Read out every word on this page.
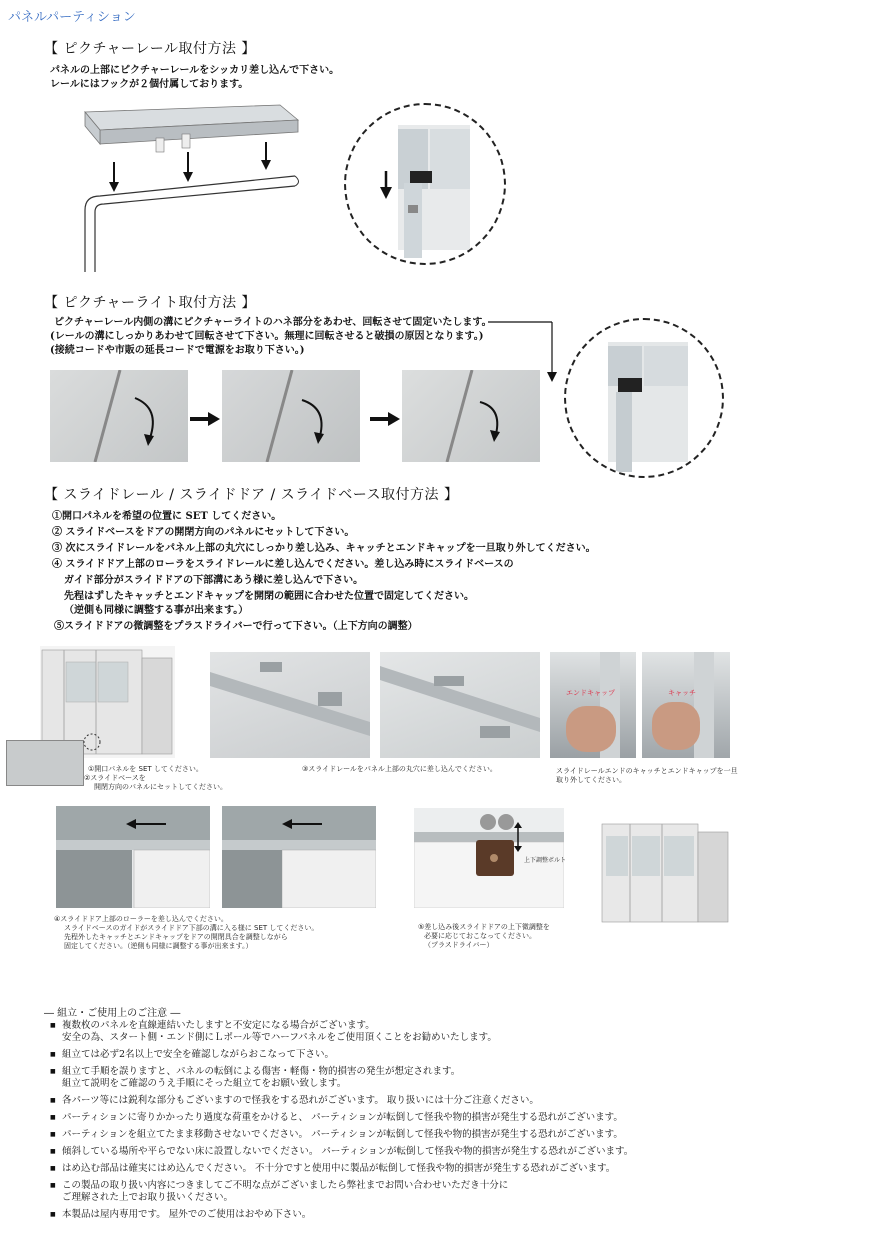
パネルパーティション
【 ピクチャーレール取付方法 】
パネルの上部にピクチャーレールをシッカリ差し込んで下さい。
レールにはフックが２個付属しております。
【 ピクチャーライト取付方法 】
ピクチャーレール内側の溝にピクチャーライトのハネ部分をあわせ、回転させて固定いたします。
(レールの溝にしっかりあわせて回転させて下さい。無理に回転させると破損の原因となります。)
(接続コードや市販の延長コードで電源をお取り下さい。)
【 スライドレール / スライドドア / スライドベース取付方法 】
①開口パネルを希望の位置に SET してください。
② スライドベースをドアの開閉方向のパネルにセットして下さい。
③ 次にスライドレールをパネル上部の丸穴にしっかり差し込み、キャッチとエンドキャップを一旦取り外してください。
④ スライドドア上部のローラをスライドレールに差し込んでください。差し込み時にスライドベースの
ガイド部分がスライドドアの下部溝にあう様に差し込んで下さい。
先程はずしたキャッチとエンドキャップを開閉の範囲に合わせた位置で固定してください。
（逆側も同様に調整する事が出来ます。）
⑤スライドドアの微調整をプラスドライバーで行って下さい。（上下方向の調整）
①開口パネルを SET してください。
②スライドベースを
開閉方向のパネルにセットしてください。
③スライドレールをパネル上部の丸穴に差し込んでください。
エンドキャップ	キャッチ
スライドレールエンドのキャッチとエンドキャップを一旦
取り外してください。
④スライドドア上部のローラーを差し込んでください。
スライドベースのガイドがスライドドア下部の溝に入る様に SET してください。
先程外したキャッチとエンドキャップをドアの開閉具合を調整しながら
固定してください。（逆側も同様に調整する事が出来ます。）
上下調整ボルト
⑤差し込み後スライドドアの上下微調整を
必要に応じておこなってください。
（プラスドライバー）
― 組立・ご使用上のご注意 ―
■ 複数枚のパネルを直線連結いたしますと不安定になる場合がございます。
安全の為、スタート側・エンド側にＬポール等でハーフパネルをご使用頂くことをお勧めいたします。
■ 組立ては必ず2名以上で安全を確認しながらおこなって下さい。
■ 組立て手順を誤りますと、パネルの転倒による傷害・軽傷・物的損害の発生が想定されます。
組立て説明をご確認のうえ手順にそった組立てをお願い致します。
■ 各パーツ等には鋭利な部分もございますので怪我をする恐れがございます。 取り扱いには十分ご注意ください。
■ パーティションに寄りかかったり過度な荷重をかけると、 パーティションが転倒して怪我や物的損害が発生する恐れがございます。
■ パーティションを組立てたまま移動させないでください。 パーティションが転倒して怪我や物的損害が発生する恐れがございます。
■ 傾斜している場所や平らでない床に設置しないでください。 パーティションが転倒して怪我や物的損害が発生する恐れがございます。
■ はめ込む部品は確実にはめ込んでください。 不十分ですと使用中に製品が転倒して怪我や物的損害が発生する恐れがございます。
■ この製品の取り扱い内容につきましてご不明な点がございましたら弊社までお問い合わせいただき十分に
ご理解された上でお取り扱いください。
■ 本製品は屋内専用です。 屋外でのご使用はおやめ下さい。
